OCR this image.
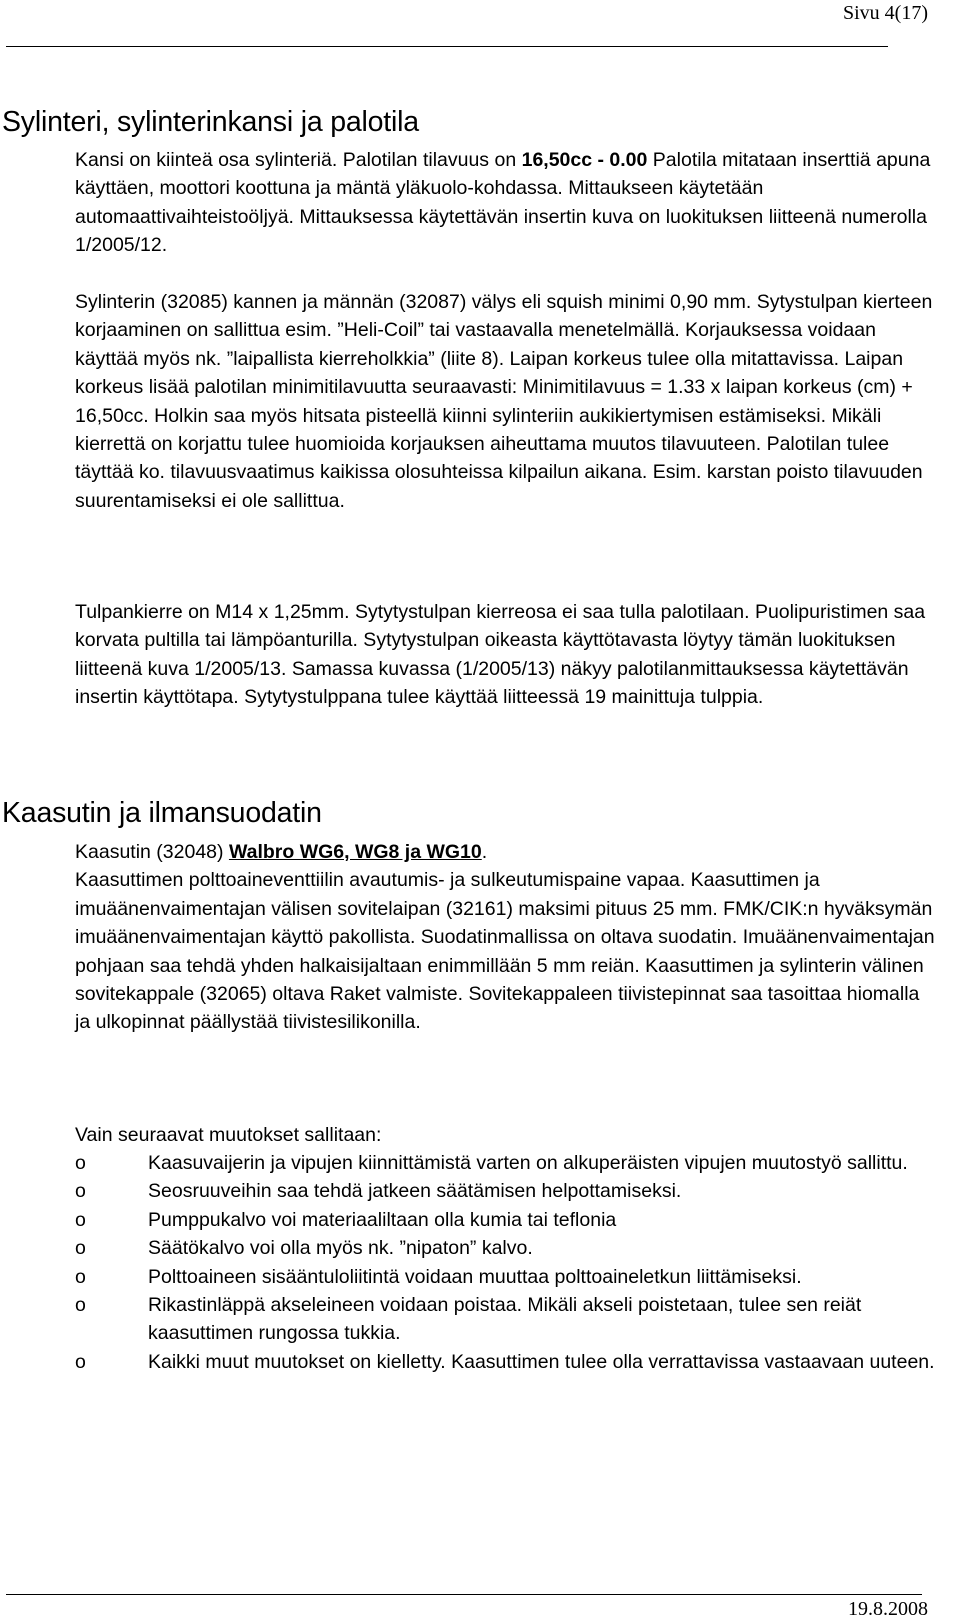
Sivu 4(17)
Sylinteri, sylinterinkansi ja palotila

Kansi on kiinteä osa sylinteriä. Palotilan tilavuus on 16,50cc - 0.00 Palotila mitataan inserttiä apuna käyttäen, moottori koottuna ja mäntä yläkuolo-kohdassa. Mittaukseen käytetään automaattivaihteistoöljyä. Mittauksessa käytettävän insertin kuva on luokituksen liitteenä numerolla 1/2005/12.

Sylinterin (32085) kannen ja männän (32087) välys eli squish minimi 0,90 mm. Sytystulpan kierteen korjaaminen on sallittua esim. ”Heli-Coil” tai vastaavalla menetelmällä. Korjauksessa voidaan käyttää myös nk. ”laipallista kierreholkkia” (liite 8). Laipan korkeus tulee olla mitattavissa. Laipan korkeus lisää palotilan minimitilavuutta seuraavasti: Minimitilavuus = 1.33 x laipan korkeus (cm) + 16,50cc. Holkin saa myös hitsata pisteellä kiinni sylinteriin aukikiertymisen estämiseksi. Mikäli kierrettä on korjattu tulee huomioida korjauksen aiheuttama muutos tilavuuteen. Palotilan tulee täyttää ko. tilavuusvaatimus kaikissa olosuhteissa kilpailun aikana. Esim. karstan poisto tilavuuden suurentamiseksi ei ole sallittua.

Tulpankierre on M14 x 1,25mm. Sytytystulpan kierreosa ei saa tulla palotilaan. Puolipuristimen saa korvata pultilla tai lämpöanturilla. Sytytystulpan oikeasta käyttötavasta löytyy tämän luokituksen liitteenä kuva 1/2005/13. Samassa kuvassa (1/2005/13) näkyy palotilanmittauksessa käytettävän insertin käyttötapa. Sytytystulppana tulee käyttää liitteessä 19 mainittuja tulppia.

Kaasutin ja ilmansuodatin

Kaasutin (32048) Walbro WG6, WG8 ja WG10.
Kaasuttimen polttoaineventtiilin avautumis- ja sulkeutumispaine vapaa. Kaasuttimen ja imuäänenvaimentajan välisen sovitelaipan (32161) maksimi pituus 25 mm. FMK/CIK:n hyväksymän imuäänenvaimentajan käyttö pakollista. Suodatinmallissa on oltava suodatin. Imuäänenvaimentajan pohjaan saa tehdä yhden halkaisijaltaan enimmillään 5 mm reiän. Kaasuttimen ja sylinterin välinen sovitekappale (32065) oltava Raket valmiste. Sovitekappaleen tiivistepinnat saa tasoittaa hiomalla ja ulkopinnat päällystää tiivistesilikonilla.

Vain seuraavat muutokset sallitaan:

o	Kaasuvaijerin ja vipujen kiinnittämistä varten on alkuperäisten vipujen muutostyö sallittu.
o	Seosruuveihin saa tehdä jatkeen säätämisen helpottamiseksi.
o	Pumppukalvo voi materiaaliltaan olla kumia tai teflonia
o	Säätökalvo voi olla myös nk. ”nipaton” kalvo.
o	Polttoaineen sisääntuloliitintä voidaan muuttaa polttoaineletkun liittämiseksi.
o	Rikastinläppä akseleineen voidaan poistaa. Mikäli akseli poistetaan, tulee sen reiät kaasuttimen rungossa tukkia.
o	Kaikki muut muutokset on kielletty. Kaasuttimen tulee olla verrattavissa vastaavaan uuteen.
19.8.2008
